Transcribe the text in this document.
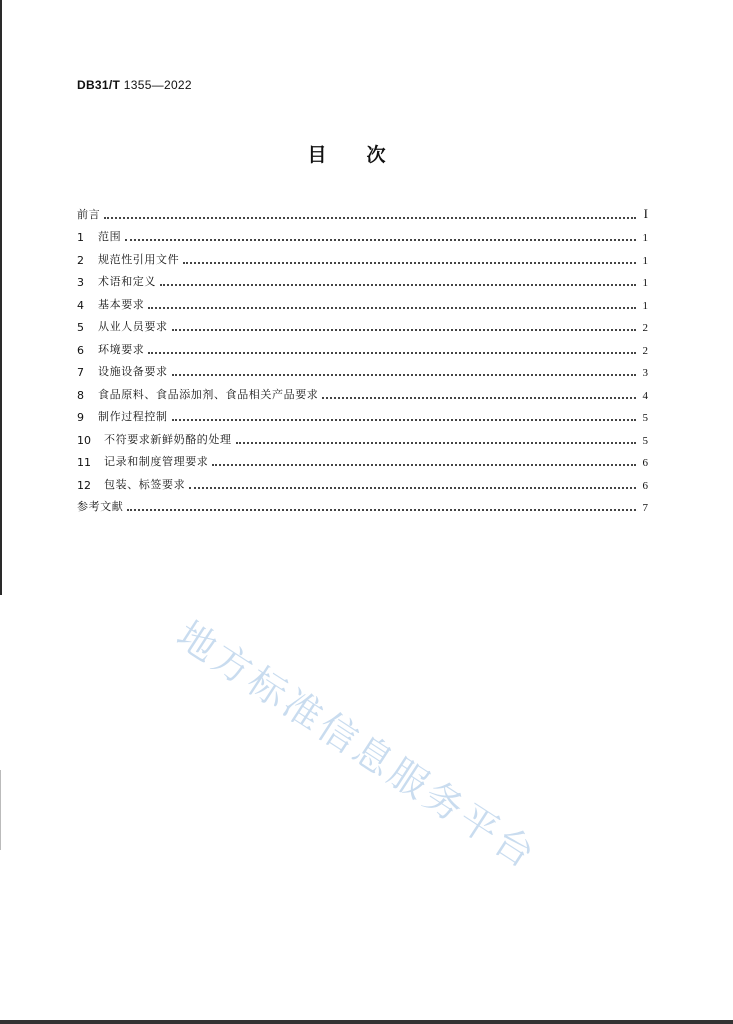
DB31/T 1355—2022
目次
前言	I
1	范围	1
2	规范性引用文件	1
3	术语和定义	1
4	基本要求	1
5	从业人员要求	2
6	环境要求	2
7	设施设备要求	3
8	食品原料、食品添加剂、食品相关产品要求	4
9	制作过程控制	5
10	不符要求新鲜奶酪的处理	5
11	记录和制度管理要求	6
12	包装、标签要求	6
参考文献	7
地方标准信息服务平台
